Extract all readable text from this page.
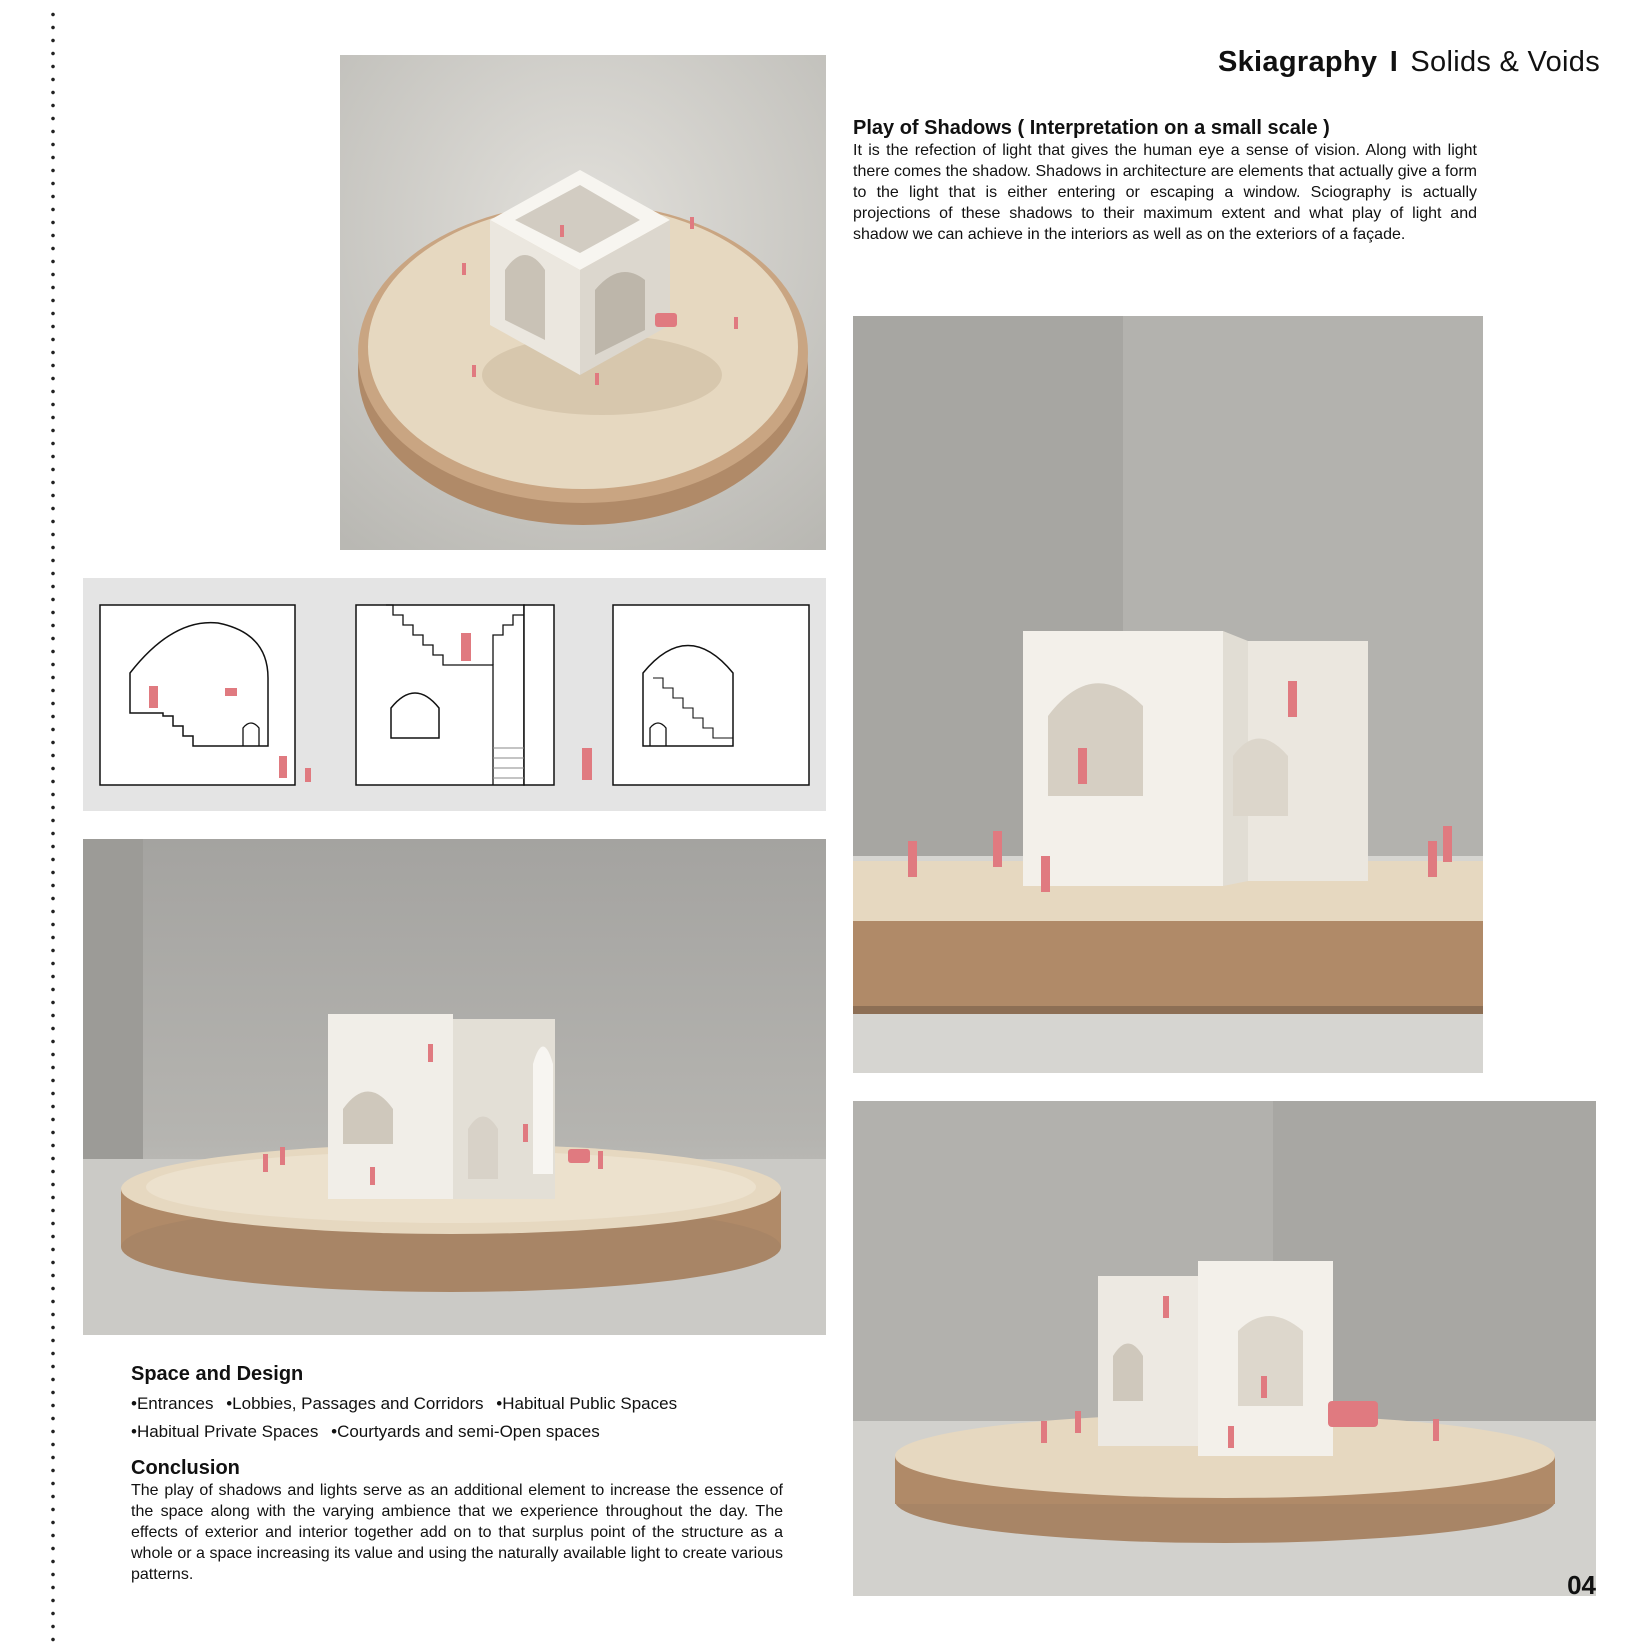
Skiagraphy I Solids & Voids
Play of Shadows ( Interpretation on a small scale )
It is the refection of light that gives the human eye a sense of vision. Along with light there comes the shadow. Shadows in architecture are elements that actually give a form to the light that is either entering or escaping a window. Sciography is actually projections of these shadows to their maximum extent and what play of light and shadow we can achieve in the interiors as well as on the exteriors of a façade.
Space and Design
•Entrances •Lobbies, Passages and Corridors •Habitual Public Spaces
•Habitual Private Spaces •Courtyards and semi-Open spaces
Conclusion
The play of shadows and lights serve as an additional element to increase the essence of the space along with the varying ambience that we experience throughout the day. The effects of exterior and interior together add on to that surplus point of the structure as a whole or a space increasing its value and using the naturally available light to create various patterns.	04
